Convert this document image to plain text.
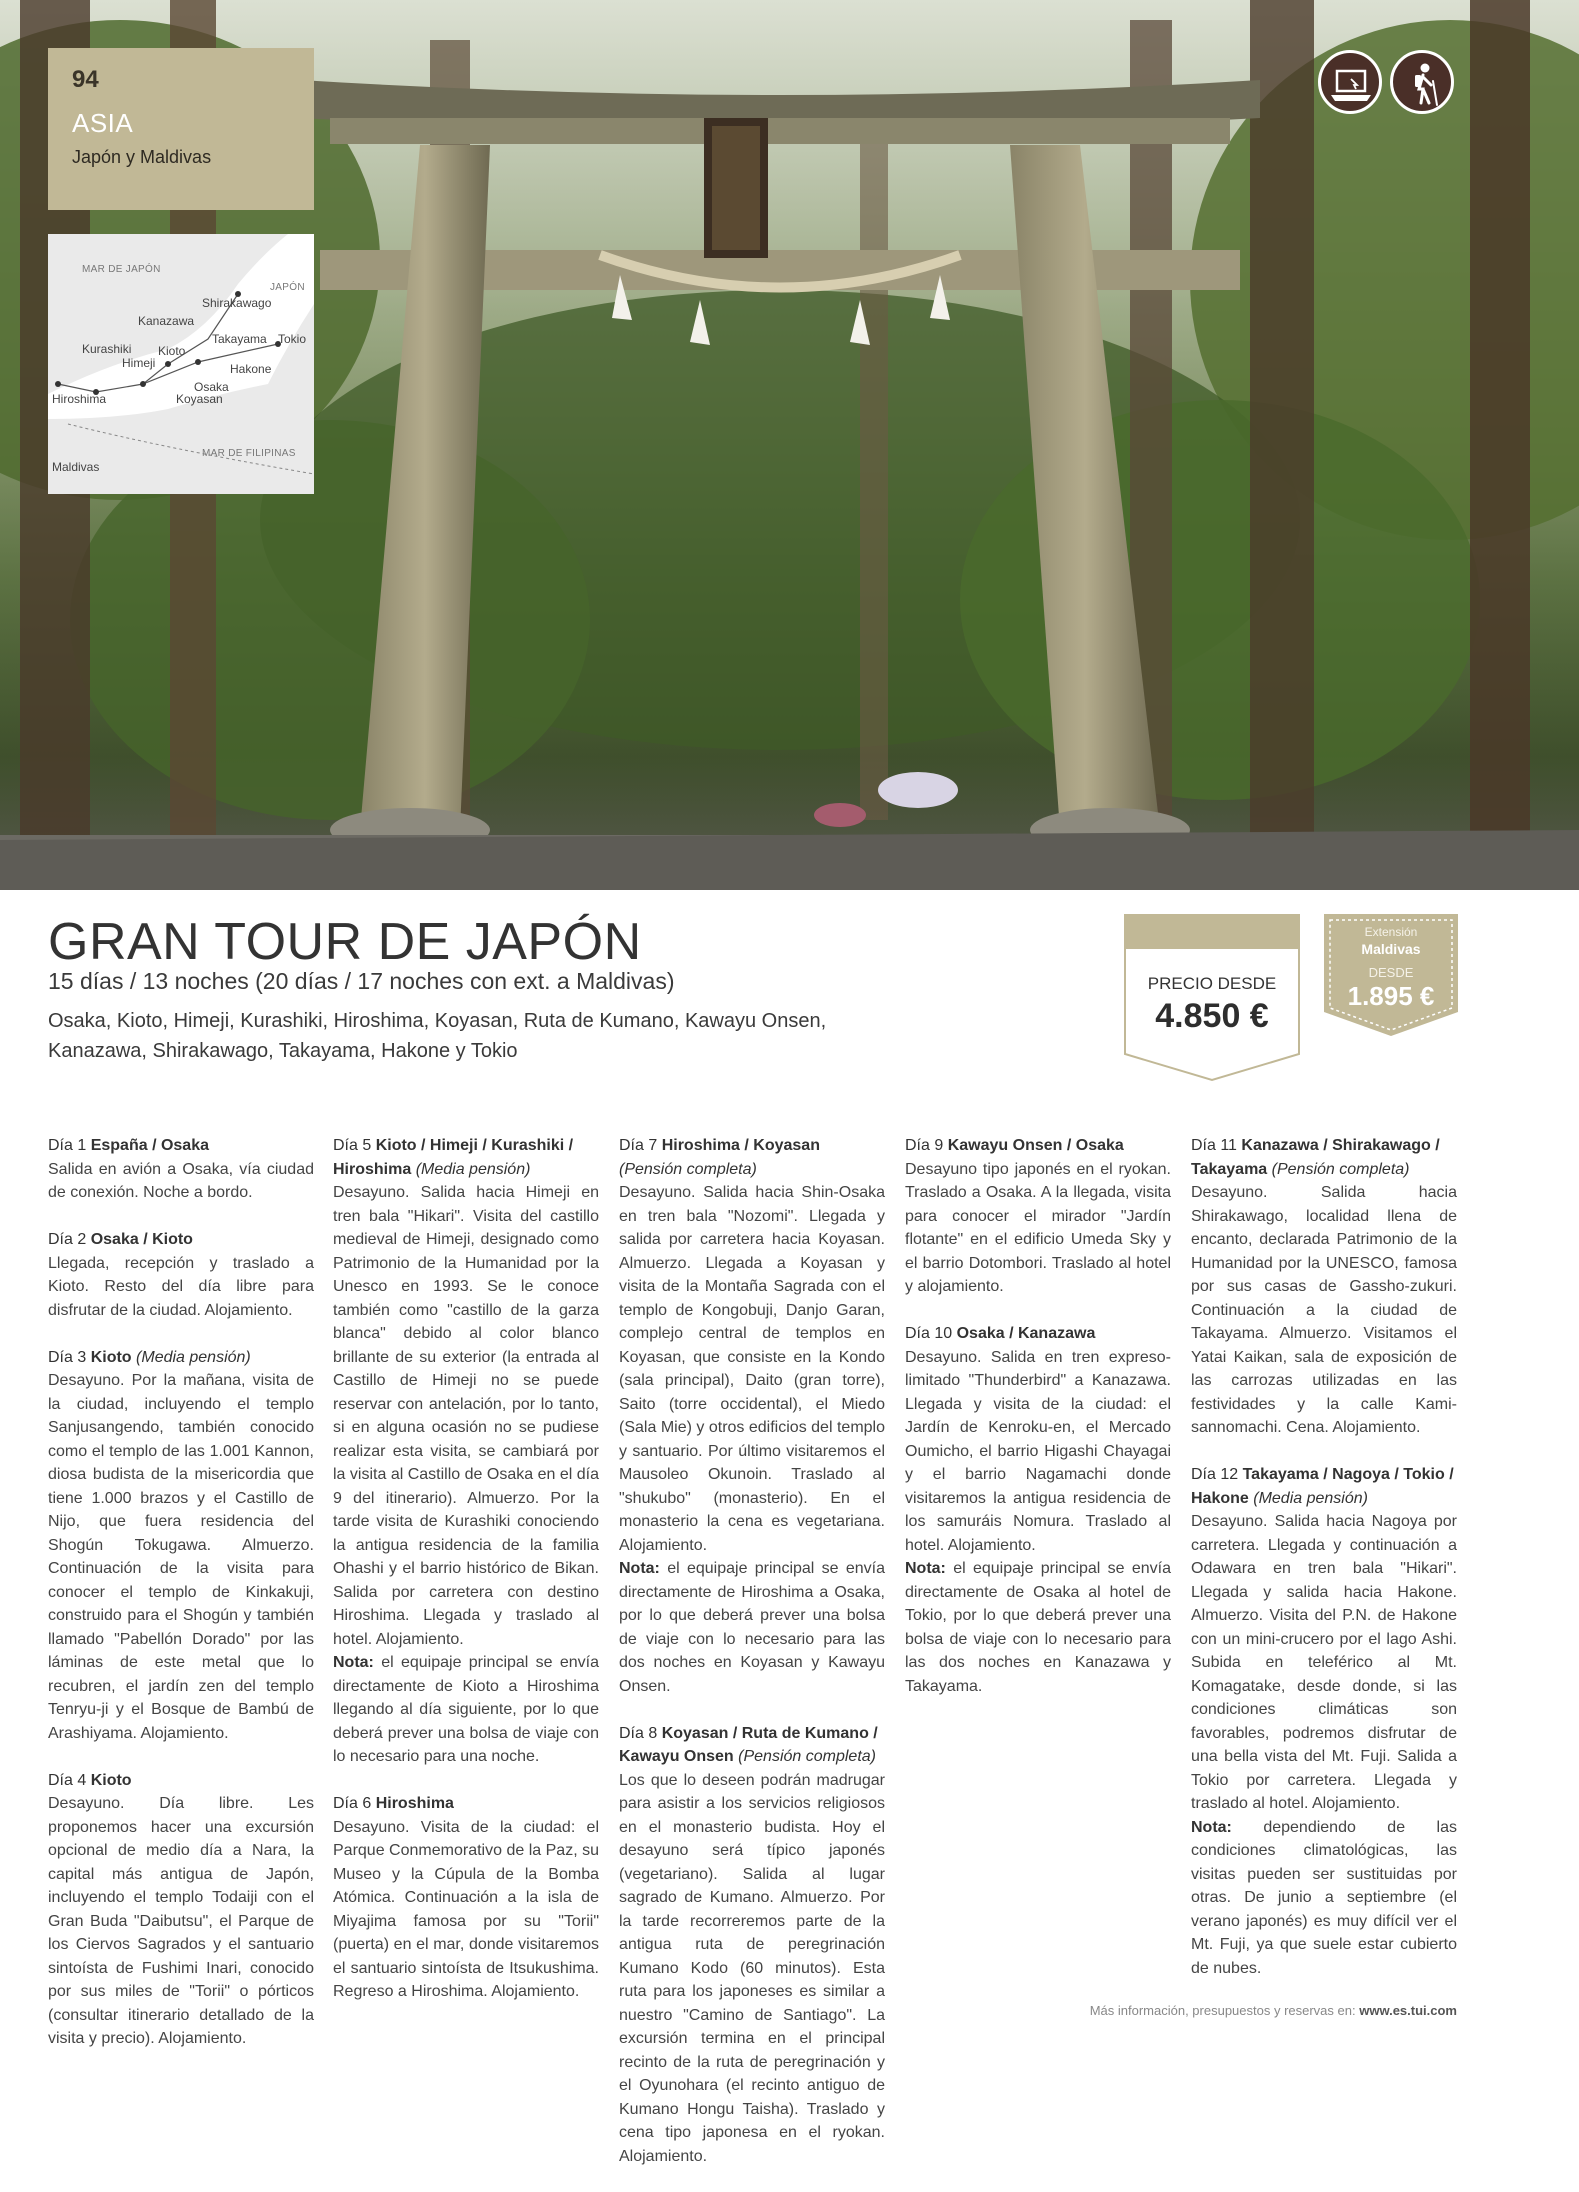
94
ASIA
Japón y Maldivas
MAR DE JAPÓN
JAPÓN
MAR DE FILIPINAS
Shirakawago
Kanazawa
Kurashiki Kioto
Himeji
Takayama Tokio
Hakone
Osaka
Hiroshima	Koyasan
Maldivas
GRAN TOUR DE JAPÓN
15 días / 13 noches (20 días / 17 noches con ext. a Maldivas)
Osaka, Kioto, Himeji, Kurashiki, Hiroshima, Koyasan, Ruta de Kumano, Kawayu Onsen, Kanazawa, Shirakawago, Takayama, Hakone y Tokio
PRECIO DESDE
4.850 €
Extensión
Maldivas
DESDE
1.895 €
Día 1 España / Osaka
Salida en avión a Osaka, vía ciudad de conexión. Noche a bordo.
Día 2 Osaka / Kioto
Llegada, recepción y traslado a Kioto. Resto del día libre para disfrutar de la ciudad. Alojamiento.
Día 3 Kioto (Media pensión)
Desayuno. Por la mañana, visita de la ciudad, incluyendo el templo Sanjusangendo, también conocido como el templo de las 1.001 Kannon, diosa budista de la misericordia que tiene 1.000 brazos y el Castillo de Nijo, que fuera residencia del Shogún Tokugawa. Almuerzo. Continuación de la visita para conocer el templo de Kinkakuji, construido para el Shogún y también llamado "Pabellón Dorado" por las láminas de este metal que lo recubren, el jardín zen del templo Tenryu-ji y el Bosque de Bambú de Arashiyama. Alojamiento.
Día 4 Kioto
Desayuno. Día libre. Les proponemos hacer una excursión opcional de medio día a Nara, la capital más antigua de Japón, incluyendo el templo Todaiji con el Gran Buda "Daibutsu", el Parque de los Ciervos Sagrados y el santuario sintoísta de Fushimi Inari, conocido por sus miles de "Torii" o pórticos (consultar itinerario detallado de la visita y precio). Alojamiento.
Día 5 Kioto / Himeji / Kurashiki / Hiroshima (Media pensión)
Desayuno. Salida hacia Himeji en tren bala "Hikari". Visita del castillo medieval de Himeji, designado como Patrimonio de la Humanidad por la Unesco en 1993. Se le conoce también como "castillo de la garza blanca" debido al color blanco brillante de su exterior (la entrada al Castillo de Himeji no se puede reservar con antelación, por lo tanto, si en alguna ocasión no se pudiese realizar esta visita, se cambiará por la visita al Castillo de Osaka en el día 9 del itinerario). Almuerzo. Por la tarde visita de Kurashiki conociendo la antigua residencia de la familia Ohashi y el barrio histórico de Bikan. Salida por carretera con destino Hiroshima. Llegada y traslado al hotel. Alojamiento.
Nota: el equipaje principal se envía directamente de Kioto a Hiroshima llegando al día siguiente, por lo que deberá prever una bolsa de viaje con lo necesario para una noche.
Día 6 Hiroshima
Desayuno. Visita de la ciudad: el Parque Conmemorativo de la Paz, su Museo y la Cúpula de la Bomba Atómica. Continuación a la isla de Miyajima famosa por su "Torii" (puerta) en el mar, donde visitaremos el santuario sintoísta de Itsukushima. Regreso a Hiroshima. Alojamiento.
Día 7 Hiroshima / Koyasan (Pensión completa)
Desayuno. Salida hacia Shin-Osaka en tren bala "Nozomi". Llegada y salida por carretera hacia Koyasan. Almuerzo. Llegada a Koyasan y visita de la Montaña Sagrada con el templo de Kongobuji, Danjo Garan, complejo central de templos en Koyasan, que consiste en la Kondo (sala principal), Daito (gran torre), Saito (torre occidental), el Miedo (Sala Mie) y otros edificios del templo y santuario. Por último visitaremos el Mausoleo Okunoin. Traslado al "shukubo" (monasterio). En el monasterio la cena es vegetariana. Alojamiento.
Nota: el equipaje principal se envía directamente de Hiroshima a Osaka, por lo que deberá prever una bolsa de viaje con lo necesario para las dos noches en Koyasan y Kawayu Onsen.
Día 8 Koyasan / Ruta de Kumano / Kawayu Onsen (Pensión completa)
Los que lo deseen podrán madrugar para asistir a los servicios religiosos en el monasterio budista. Hoy el desayuno será típico japonés (vegetariano). Salida al lugar sagrado de Kumano. Almuerzo. Por la tarde recorreremos parte de la antigua ruta de peregrinación Kumano Kodo (60 minutos). Esta ruta para los japoneses es similar a nuestro "Camino de Santiago". La excursión termina en el principal recinto de la ruta de peregrinación y el Oyunohara (el recinto antiguo de Kumano Hongu Taisha). Traslado y cena tipo japonesa en el ryokan. Alojamiento.
Día 9 Kawayu Onsen / Osaka
Desayuno tipo japonés en el ryokan. Traslado a Osaka. A la llegada, visita para conocer el mirador "Jardín flotante" en el edificio Umeda Sky y el barrio Dotombori. Traslado al hotel y alojamiento.
Día 10 Osaka / Kanazawa
Desayuno. Salida en tren expreso-limitado "Thunderbird" a Kanazawa. Llegada y visita de la ciudad: el Jardín de Kenroku-en, el Mercado Oumicho, el barrio Higashi Chayagai y el barrio Nagamachi donde visitaremos la antigua residencia de los samuráis Nomura. Traslado al hotel. Alojamiento.
Nota: el equipaje principal se envía directamente de Osaka al hotel de Tokio, por lo que deberá prever una bolsa de viaje con lo necesario para las dos noches en Kanazawa y Takayama.
Día 11 Kanazawa / Shirakawago / Takayama (Pensión completa)
Desayuno. Salida hacia Shirakawago, localidad llena de encanto, declarada Patrimonio de la Humanidad por la UNESCO, famosa por sus casas de Gassho-zukuri. Continuación a la ciudad de Takayama. Almuerzo. Visitamos el Yatai Kaikan, sala de exposición de las carrozas utilizadas en las festividades y la calle Kami-sannomachi. Cena. Alojamiento.
Día 12 Takayama / Nagoya / Tokio / Hakone (Media pensión)
Desayuno. Salida hacia Nagoya por carretera. Llegada y continuación a Odawara en tren bala "Hikari". Llegada y salida hacia Hakone. Almuerzo. Visita del P.N. de Hakone con un mini-crucero por el lago Ashi. Subida en teleférico al Mt. Komagatake, desde donde, si las condiciones climáticas son favorables, podremos disfrutar de una bella vista del Mt. Fuji. Salida a Tokio por carretera. Llegada y traslado al hotel. Alojamiento.
Nota: dependiendo de las condiciones climatológicas, las visitas pueden ser sustituidas por otras. De junio a septiembre (el verano japonés) es muy difícil ver el Mt. Fuji, ya que suele estar cubierto de nubes.
Más información, presupuestos y reservas en: www.es.tui.com
